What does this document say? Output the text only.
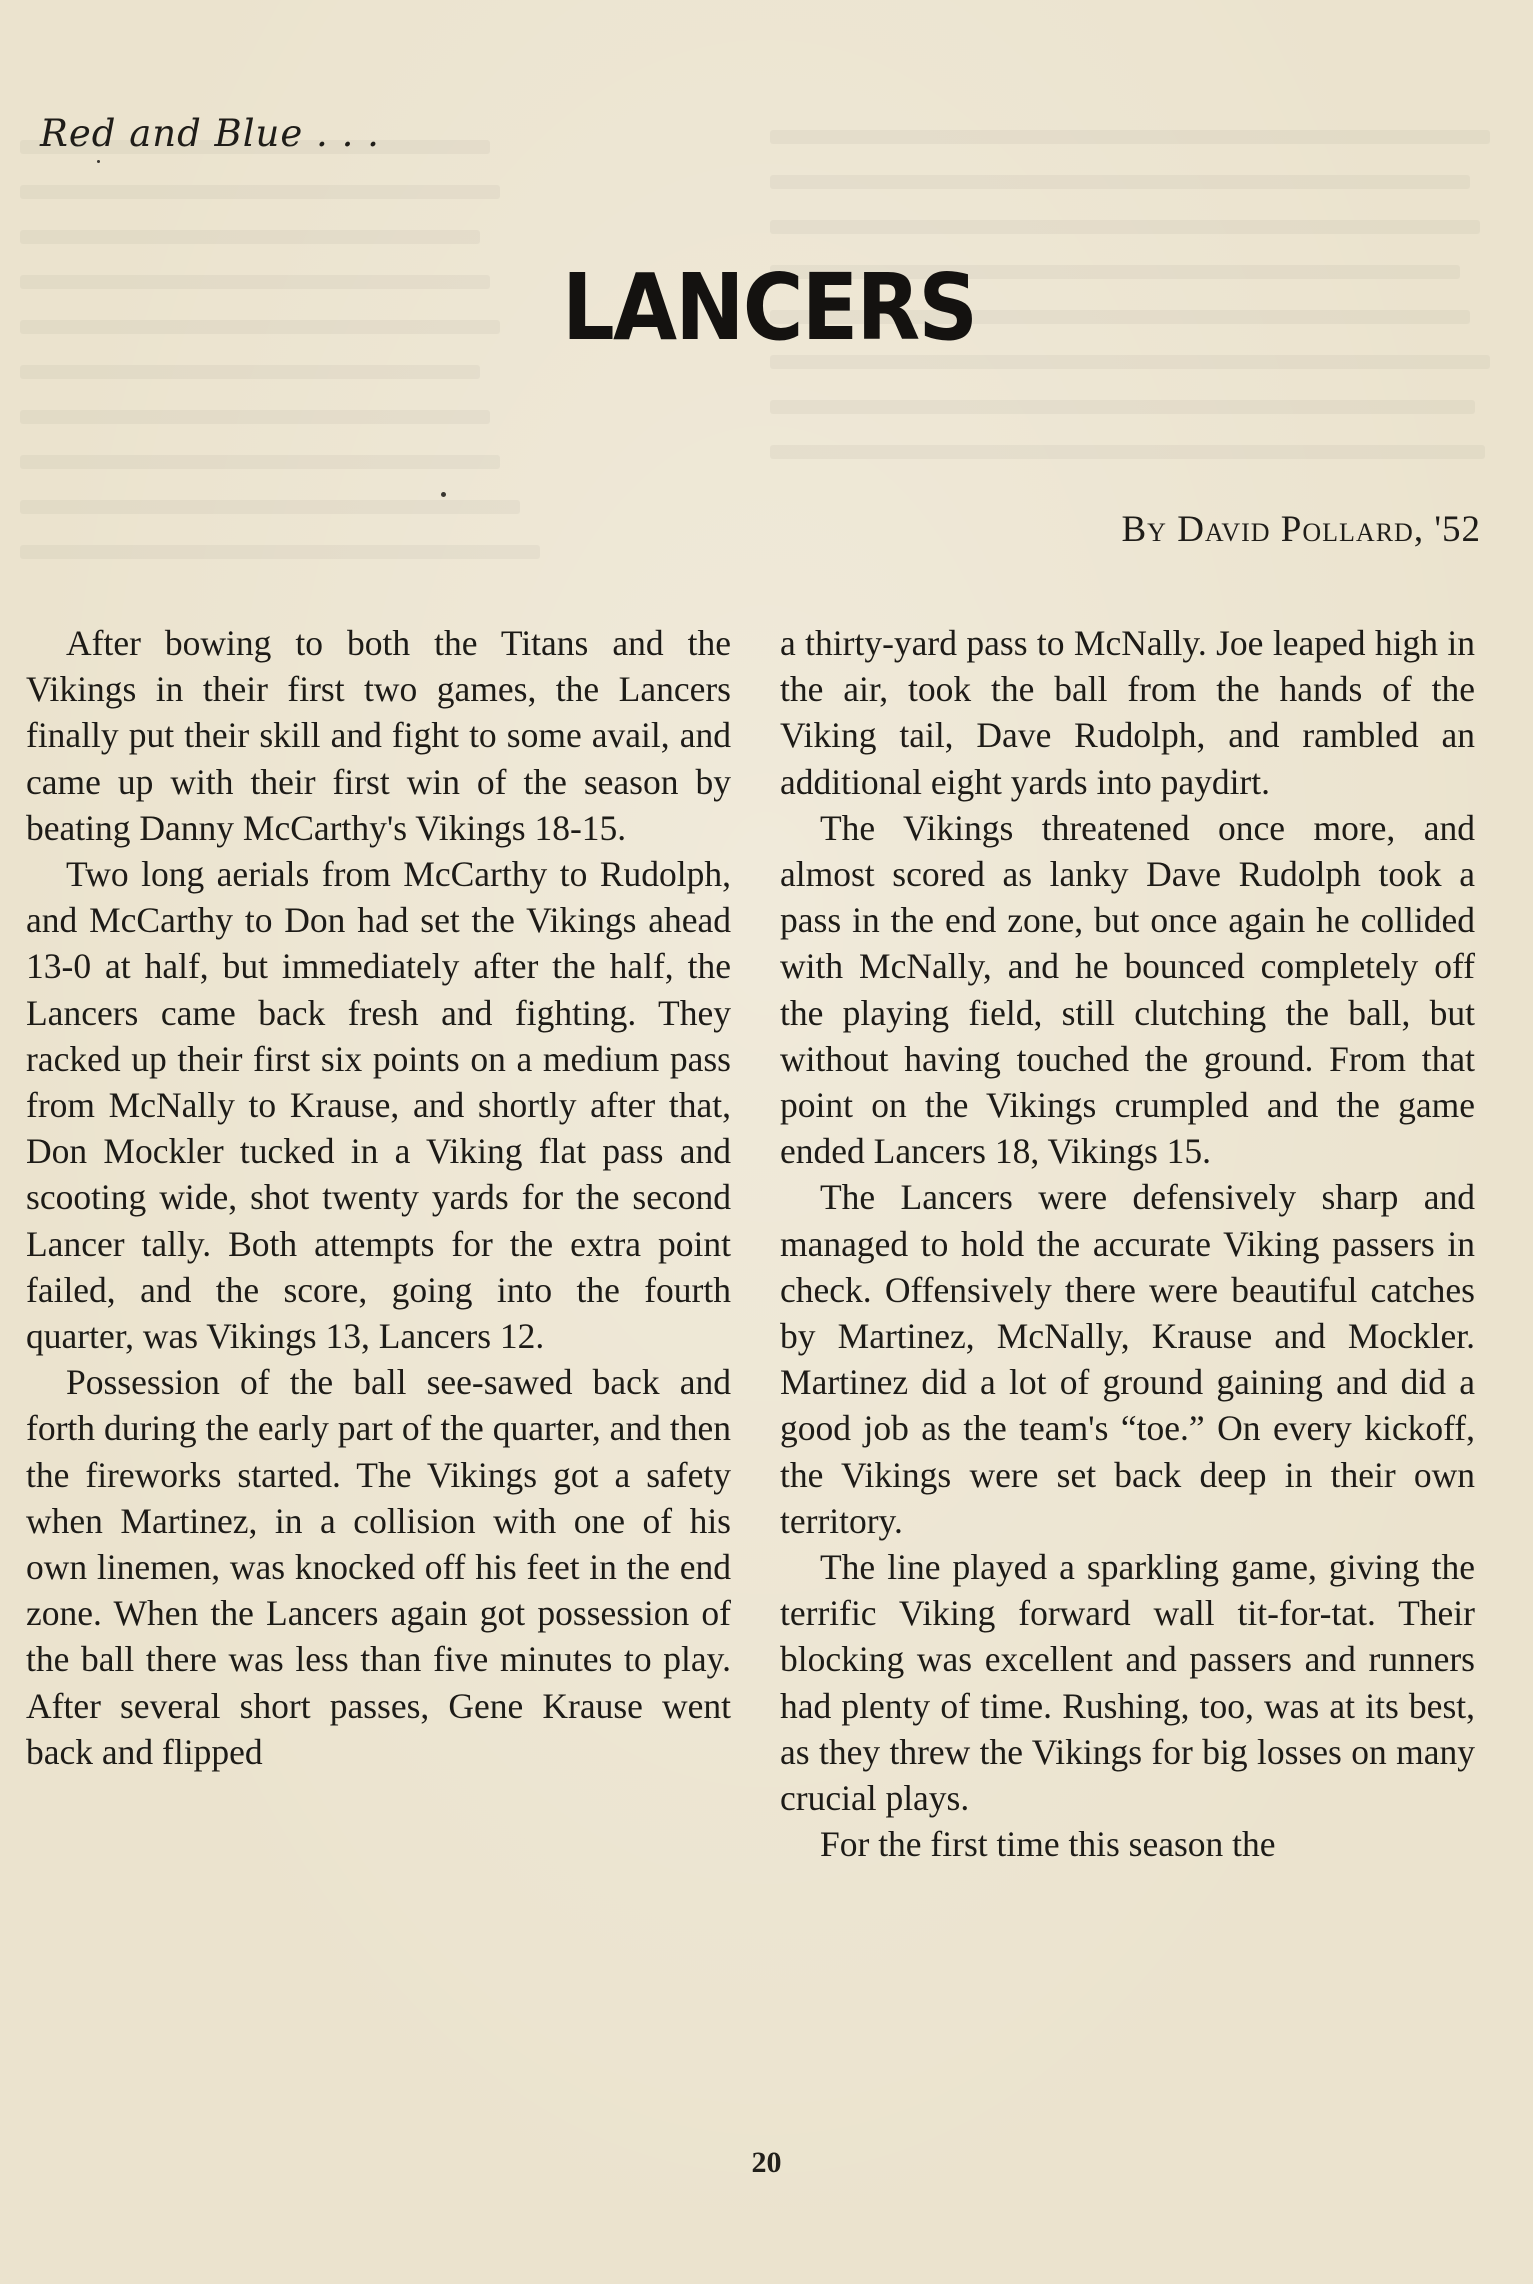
Red and Blue . . .
LANCERS
By David Pollard, '52

After bowing to both the Titans and the Vikings in their first two games, the Lancers finally put their skill and fight to some avail, and came up with their first win of the season by beating Danny McCarthy's Vikings 18-15.

Two long aerials from McCarthy to Rudolph, and McCarthy to Don had set the Vikings ahead 13-0 at half, but immediately after the half, the Lancers came back fresh and fighting. They racked up their first six points on a medium pass from McNally to Krause, and shortly after that, Don Mockler tucked in a Viking flat pass and scooting wide, shot twenty yards for the second Lancer tally. Both attempts for the extra point failed, and the score, going into the fourth quarter, was Vikings 13, Lancers 12.

Possession of the ball see-sawed back and forth during the early part of the quarter, and then the fireworks started. The Vikings got a safety when Martinez, in a collision with one of his own linemen, was knocked off his feet in the end zone. When the Lancers again got possession of the ball there was less than five minutes to play. After several short passes, Gene Krause went back and flipped

a thirty-yard pass to McNally. Joe leaped high in the air, took the ball from the hands of the Viking tail, Dave Rudolph, and rambled an additional eight yards into paydirt.

The Vikings threatened once more, and almost scored as lanky Dave Rudolph took a pass in the end zone, but once again he collided with McNally, and he bounced completely off the playing field, still clutching the ball, but without having touched the ground. From that point on the Vikings crumpled and the game ended Lancers 18, Vikings 15.

The Lancers were defensively sharp and managed to hold the accurate Viking passers in check. Offensively there were beautiful catches by Martinez, McNally, Krause and Mockler. Martinez did a lot of ground gaining and did a good job as the team's “toe.” On every kickoff, the Vikings were set back deep in their own territory.

The line played a sparkling game, giving the terrific Viking forward wall tit-for-tat. Their blocking was excellent and passers and runners had plenty of time. Rushing, too, was at its best, as they threw the Vikings for big losses on many crucial plays.

For the first time this season the

20
